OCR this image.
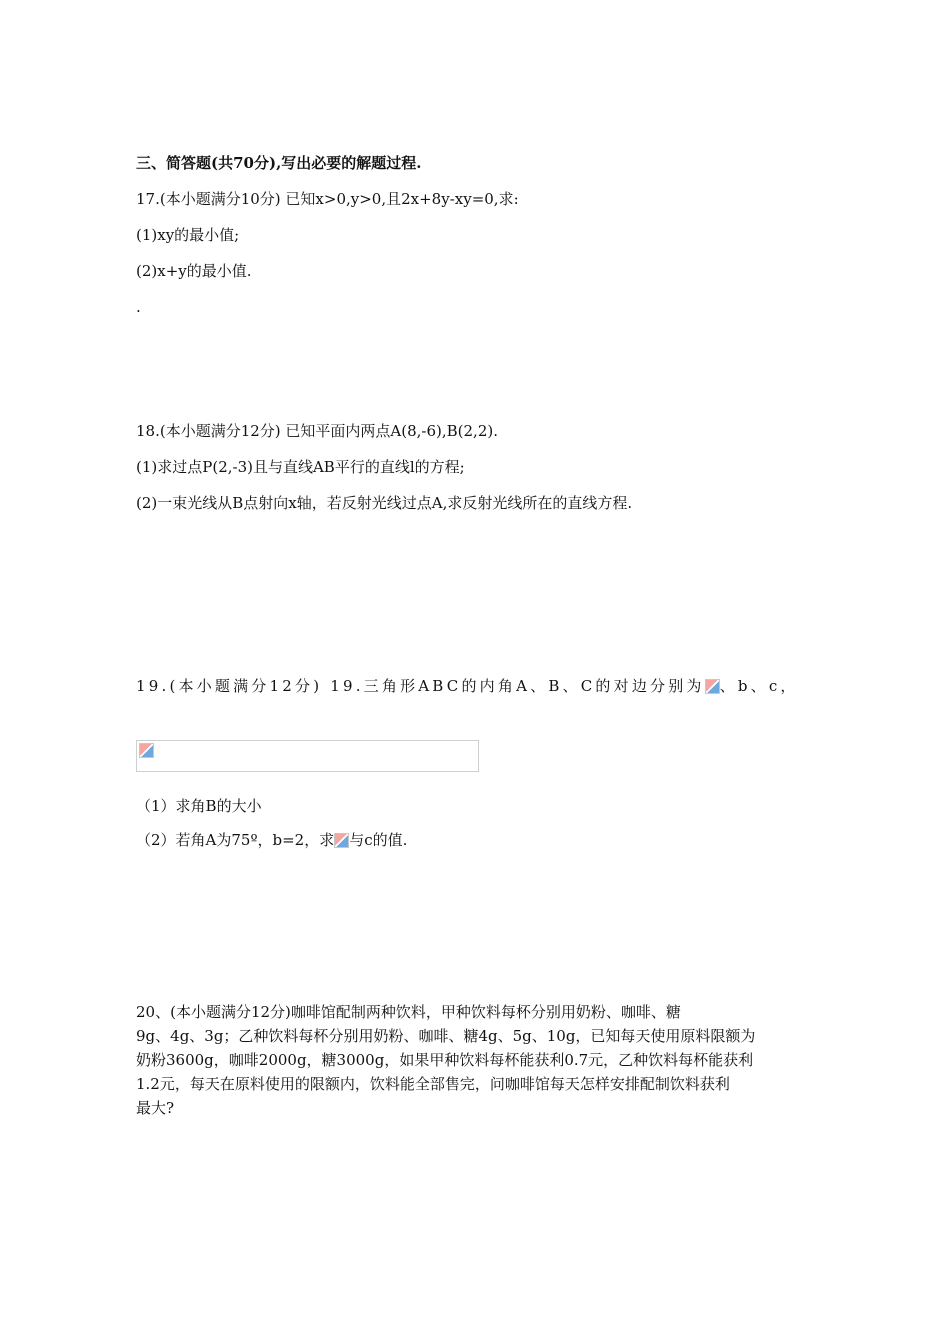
三、简答题(共70分),写出必要的解题过程.
17.(本小题满分10分) 已知x>0,y>0,且2x+8y-xy=0,求:
(1)xy的最小值;
(2)x+y的最小值.
.
18.(本小题满分12分) 已知平面内两点A(8,-6),B(2,2).
(1)求过点P(2,-3)且与直线AB平行的直线l的方程;
(2)一束光线从B点射向x轴，若反射光线过点A,求反射光线所在的直线方程.
19.(本小题满分12分) 19.三角形ABC的内角A、B、C的对边分别为 、b、c，
（1）求角B的大小
（2）若角A为75º，b=2，求 与c的值.
20、(本小题满分12分)咖啡馆配制两种饮料，甲种饮料每杯分别用奶粉、咖啡、糖
9g、4g、3g；乙种饮料每杯分别用奶粉、咖啡、糖4g、5g、10g，已知每天使用原料限额为
奶粉3600g，咖啡2000g，糖3000g，如果甲种饮料每杯能获利0.7元，乙种饮料每杯能获利
1.2元，每天在原料使用的限额内，饮料能全部售完，问咖啡馆每天怎样安排配制饮料获利
最大?
